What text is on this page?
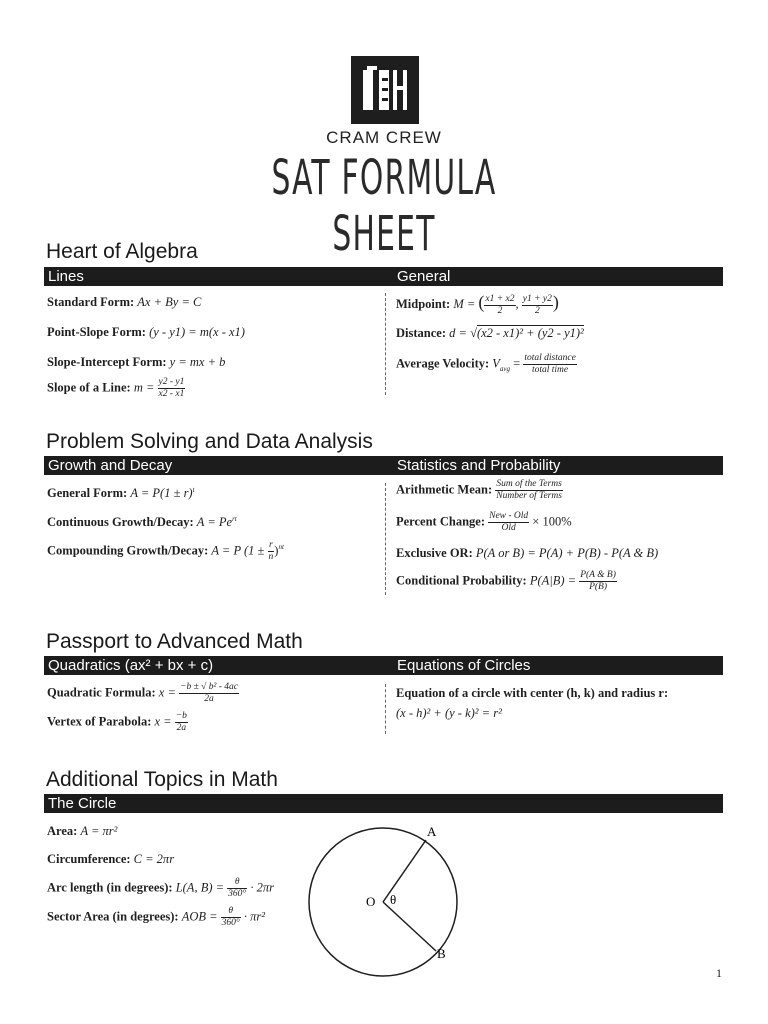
CRAM CREW
SAT FORMULA SHEET
Heart of Algebra
Lines	General
Standard Form: Ax + By = C
Point-Slope Form: (y - y1) = m(x - x1)
Slope-Intercept Form: y = mx + b
Slope of a Line: $m = \frac{y2 - y1}{x2 - x1}$
Midpoint: M = ( $\frac{x1 + x2}{2}$ , $\frac{y1 + y2}{2}$ )
Distance: d = √(x2 - x1)² + (y2 - y1)²
Average Velocity: $V_{avg} = \frac{\text{total distance}}{\text{total time}}$
Problem Solving and Data Analysis
Growth and Decay	Statistics and Probability
General Form: $A = P(1 \pm r)^t$
Continuous Growth/Decay: $A = Pe^{rt}$
Compounding Growth/Decay: A = P $(1 \pm \frac{r}{n} )^{nt}$
Arithmetic Mean: $\frac{\text{Sum of the Terms}}{\text{Number of Terms}}$
Percent Change: $\frac{\text{New - Old}}{\text{Old}} \times 100\%$
Exclusive OR: P(A or B) = P(A) + P(B) - P(A & B)
Conditional Probability: $P(A|B) = \frac{P(A \& B)}{P(B)}$
Passport to Advanced Math
Quadratics (ax² + bx + c)	Equations of Circles
Quadratic Formula: $x = \frac{\text{−b ± √ b² - 4ac}}{2a}$
Vertex of Parabola: $x = \frac{-b}{2a}$
Equation of a circle with center (h, k) and radius r:
(x - h)² + (y - k)² = r²
Additional Topics in Math
The Circle
Area: A = πr²
Circumference: C = 2πr
Arc length (in degrees): L(A, $B) = \frac{\theta}{360^\circ} \cdot 2\pi r$
Sector Area (in degrees): AOB = $\frac{\theta}{360^\circ} \cdot \pi r^2$
A
B
O θ
1
